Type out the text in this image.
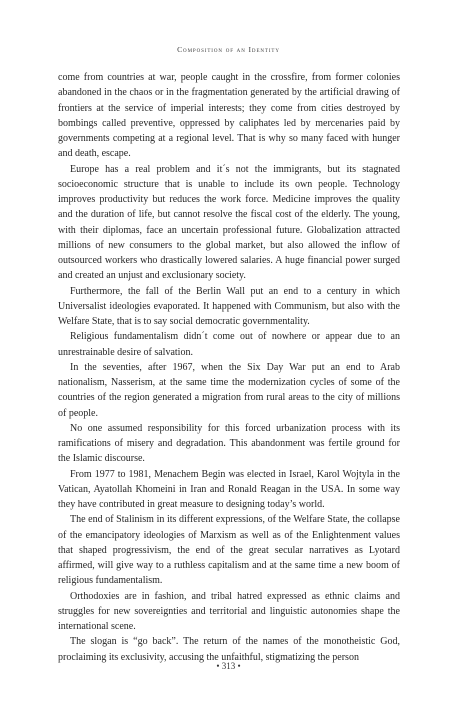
Composition of an Identity

come from countries at war, people caught in the crossfire, from former colonies abandoned in the chaos or in the fragmentation generated by the artificial drawing of frontiers at the service of imperial interests; they come from cities destroyed by bombings called preventive, oppressed by caliphates led by mercenaries paid by governments competing at a regional level. That is why so many faced with hunger and death, escape.

Europe has a real problem and it´s not the immigrants, but its stagnated socioeconomic structure that is unable to include its own people. Technology improves productivity but reduces the work force. Medicine improves the quality and the duration of life, but cannot resolve the fiscal cost of the elderly. The young, with their diplomas, face an uncertain professional future. Globalization attracted millions of new consumers to the global market, but also allowed the inflow of outsourced workers who drastically lowered salaries. A huge financial power surged and created an unjust and exclusionary society.

Furthermore, the fall of the Berlin Wall put an end to a century in which Universalist ideologies evaporated. It happened with Communism, but also with the Welfare State, that is to say social democratic governmentality.

Religious fundamentalism didn´t come out of nowhere or appear due to an unrestrainable desire of salvation.

In the seventies, after 1967, when the Six Day War put an end to Arab nationalism, Nasserism, at the same time the modernization cycles of some of the countries of the region generated a migration from rural areas to the city of millions of people.

No one assumed responsibility for this forced urbanization process with its ramifications of misery and degradation. This abandonment was fertile ground for the Islamic discourse.

From 1977 to 1981, Menachem Begin was elected in Israel, Karol Wojtyla in the Vatican, Ayatollah Khomeini in Iran and Ronald Reagan in the USA. In some way they have contributed in great measure to designing today’s world.

The end of Stalinism in its different expressions, of the Welfare State, the collapse of the emancipatory ideologies of Marxism as well as of the Enlightenment values that shaped progressivism, the end of the great secular narratives as Lyotard affirmed, will give way to a ruthless capitalism and at the same time a new boom of religious fundamentalism.

Orthodoxies are in fashion, and tribal hatred expressed as ethnic claims and struggles for new sovereignties and territorial and linguistic autonomies shape the international scene.

The slogan is “go back”. The return of the names of the monotheistic God, proclaiming its exclusivity, accusing the unfaithful, stigmatizing the person

• 313 •
